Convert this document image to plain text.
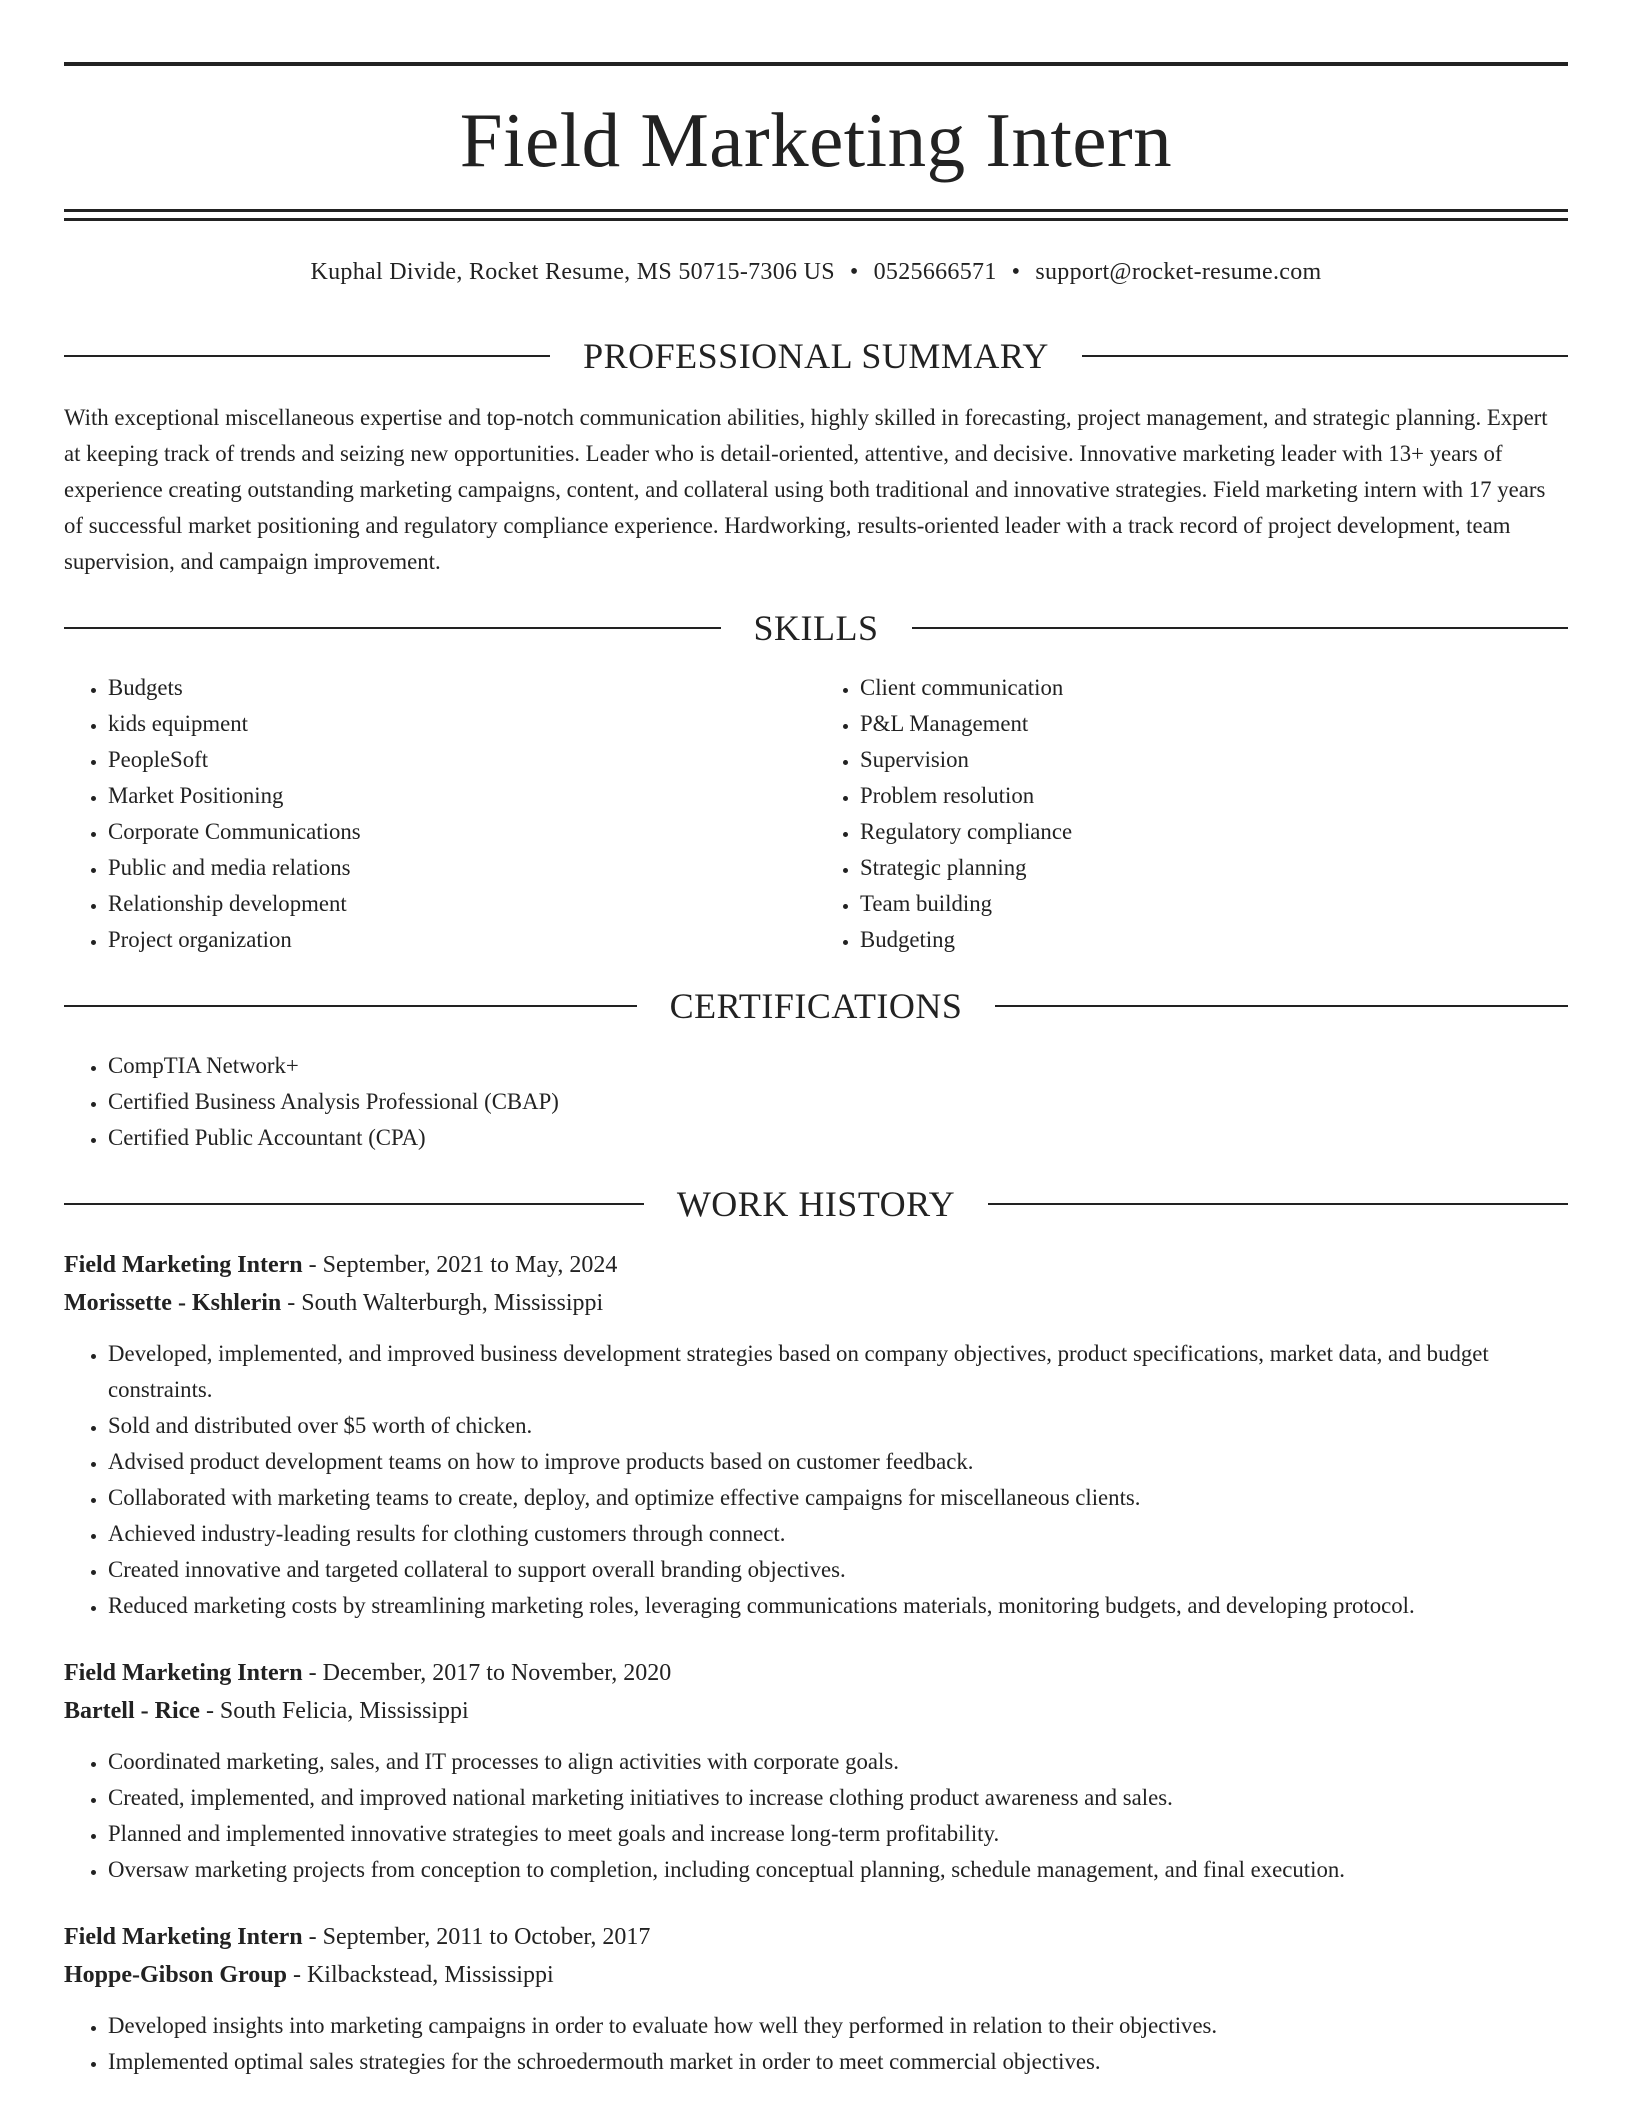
Field Marketing Intern
Kuphal Divide, Rocket Resume, MS 50715-7306 US • 0525666571 • support@rocket-resume.com
PROFESSIONAL SUMMARY

With exceptional miscellaneous expertise and top-notch communication abilities, highly skilled in forecasting, project management, and strategic planning. Expert at keeping track of trends and seizing new opportunities. Leader who is detail-oriented, attentive, and decisive. Innovative marketing leader with 13+ years of experience creating outstanding marketing campaigns, content, and collateral using both traditional and innovative strategies. Field marketing intern with 17 years of successful market positioning and regulatory compliance experience. Hardworking, results-oriented leader with a track record of project development, team supervision, and campaign improvement.

SKILLS
• Budgets
• kids equipment
• PeopleSoft
• Market Positioning
• Corporate Communications
• Public and media relations
• Relationship development
• Project organization
• Client communication
• P&L Management
• Supervision
• Problem resolution
• Regulatory compliance
• Strategic planning
• Team building
• Budgeting
CERTIFICATIONS
• CompTIA Network+
• Certified Business Analysis Professional (CBAP)
• Certified Public Accountant (CPA)
WORK HISTORY
Field Marketing Intern - September, 2021 to May, 2024
Morissette - Kshlerin - South Walterburgh, Mississippi
• Developed, implemented, and improved business development strategies based on company objectives, product specifications, market data, and budget constraints.
• Sold and distributed over $5 worth of chicken.
• Advised product development teams on how to improve products based on customer feedback.
• Collaborated with marketing teams to create, deploy, and optimize effective campaigns for miscellaneous clients.
• Achieved industry-leading results for clothing customers through connect.
• Created innovative and targeted collateral to support overall branding objectives.
• Reduced marketing costs by streamlining marketing roles, leveraging communications materials, monitoring budgets, and developing protocol.
Field Marketing Intern - December, 2017 to November, 2020
Bartell - Rice - South Felicia, Mississippi
• Coordinated marketing, sales, and IT processes to align activities with corporate goals.
• Created, implemented, and improved national marketing initiatives to increase clothing product awareness and sales.
• Planned and implemented innovative strategies to meet goals and increase long-term profitability.
• Oversaw marketing projects from conception to completion, including conceptual planning, schedule management, and final execution.
Field Marketing Intern - September, 2011 to October, 2017
Hoppe-Gibson Group - Kilbackstead, Mississippi
• Developed insights into marketing campaigns in order to evaluate how well they performed in relation to their objectives.
• Implemented optimal sales strategies for the schroedermouth market in order to meet commercial objectives.
